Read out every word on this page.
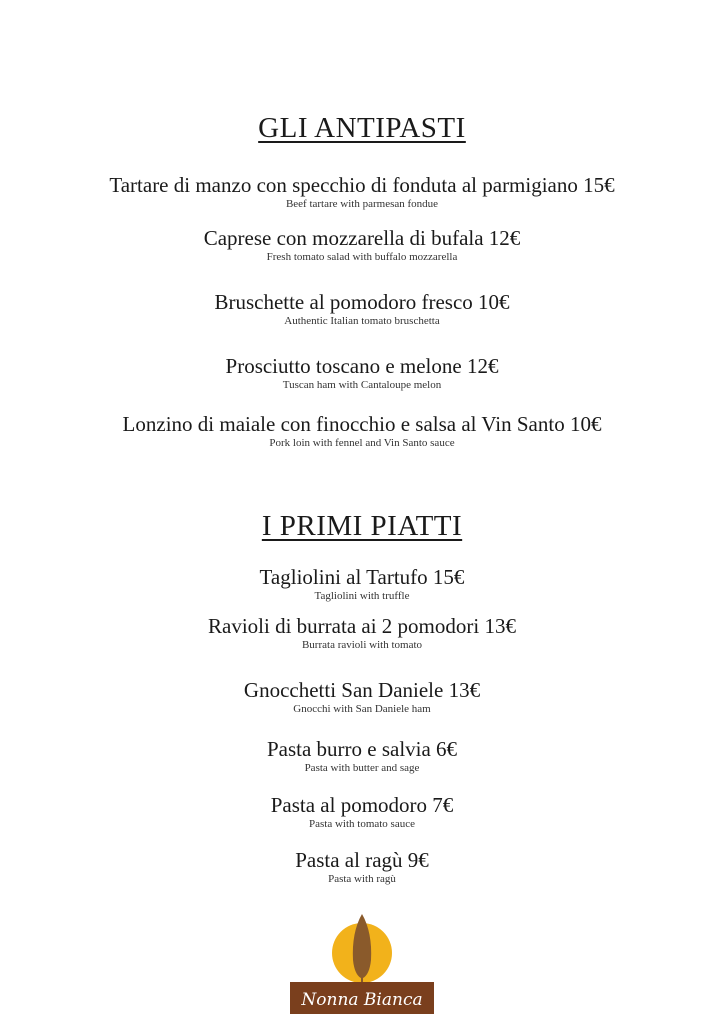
GLI ANTIPASTI
Tartare di manzo con specchio di fonduta al parmigiano 15€
Beef tartare with parmesan fondue
Caprese con mozzarella di bufala 12€
Fresh tomato salad with buffalo mozzarella
Bruschette al pomodoro fresco 10€
Authentic Italian tomato bruschetta
Prosciutto toscano e melone 12€
Tuscan ham with Cantaloupe melon
Lonzino di maiale con finocchio e salsa al Vin Santo 10€
Pork loin with fennel and Vin Santo sauce
I PRIMI PIATTI
Tagliolini al Tartufo 15€
Tagliolini with truffle
Ravioli di burrata ai 2 pomodori 13€
Burrata ravioli with tomato
Gnocchetti San Daniele 13€
Gnocchi with San Daniele ham
Pasta burro e salvia 6€
Pasta with butter and sage
Pasta al pomodoro 7€
Pasta with tomato sauce
Pasta al ragù 9€
Pasta with ragù
Nonna Bianca
